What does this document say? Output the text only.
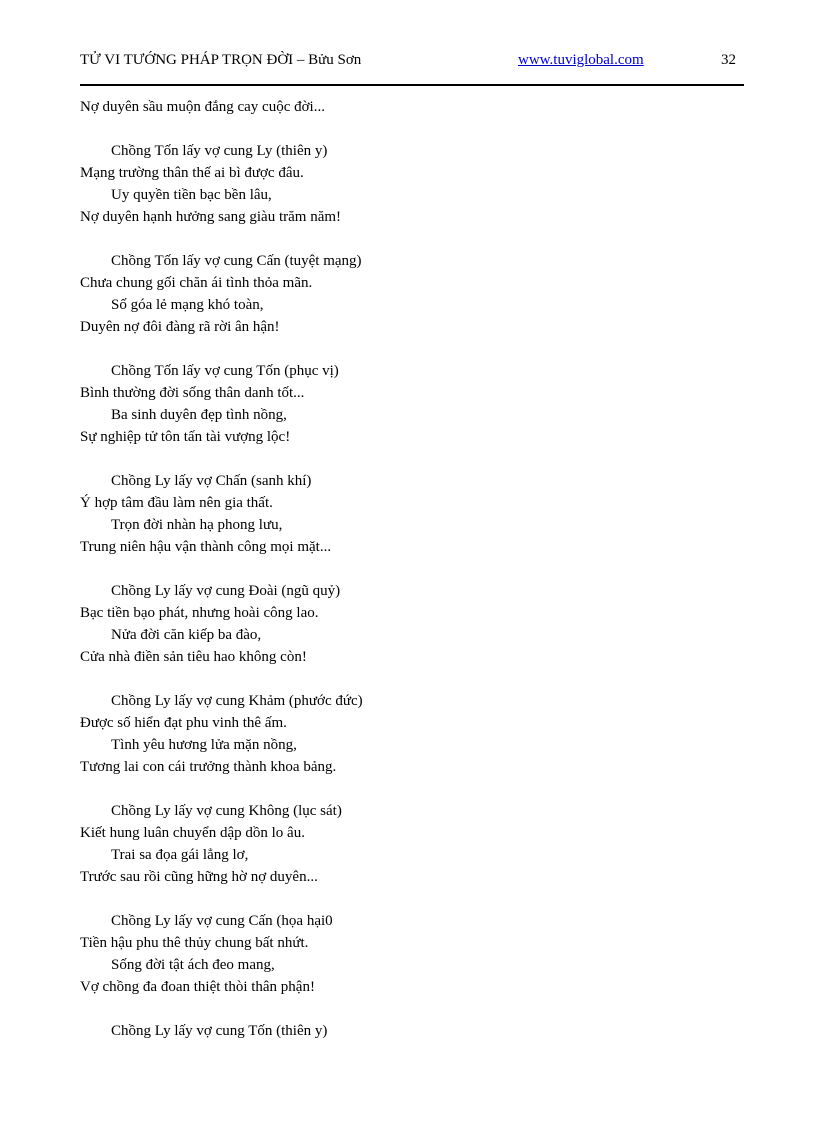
TỬ VI TƯỚNG PHÁP TRỌN ĐỜI – Bửu Sơn	www.tuviglobal.com	32
Nợ duyên sầu muộn đắng cay cuộc đời...
Chồng Tốn lấy vợ cung Ly (thiên y)
Mạng trường thân thế ai bì được đâu.
Uy quyền tiền bạc bền lâu,
Nợ duyên hạnh hưởng sang giàu trăm năm!
Chồng Tốn lấy vợ cung Cấn (tuyệt mạng)
Chưa chung gối chăn ái tình thỏa mãn.
Số góa lẻ mạng khó toàn,
Duyên nợ đôi đàng rã rời ân hận!
Chồng Tốn lấy vợ cung Tốn (phục vị)
Bình thường đời sống thân danh tốt...
Ba sinh duyên đẹp tình nồng,
Sự nghiệp tử tôn tấn tài vượng lộc!
Chồng Ly lấy vợ Chấn (sanh khí)
Ý hợp tâm đầu làm nên gia thất.
Trọn đời nhàn hạ phong lưu,
Trung niên hậu vận thành công mọi mặt...
Chồng Ly lấy vợ cung Đoài (ngũ quỷ)
Bạc tiền bạo phát, nhưng hoài công lao.
Nửa đời căn kiếp ba đào,
Cửa nhà điền sản tiêu hao không còn!
Chồng Ly lấy vợ cung Khảm (phước đức)
Được số hiển đạt phu vinh thê ấm.
Tình yêu hương lửa mặn nồng,
Tương lai con cái trưởng thành khoa bảng.
Chồng Ly lấy vợ cung Không (lục sát)
Kiết hung luân chuyển dập dồn lo âu.
Trai sa đọa gái lẳng lơ,
Trước sau rồi cũng hững hờ nợ duyên...
Chồng Ly lấy vợ cung Cấn (họa hại0
Tiền hậu phu thê thủy chung bất nhứt.
Sống đời tật ách đeo mang,
Vợ chồng đa đoan thiệt thòi thân phận!
Chồng Ly lấy vợ cung Tốn (thiên y)
